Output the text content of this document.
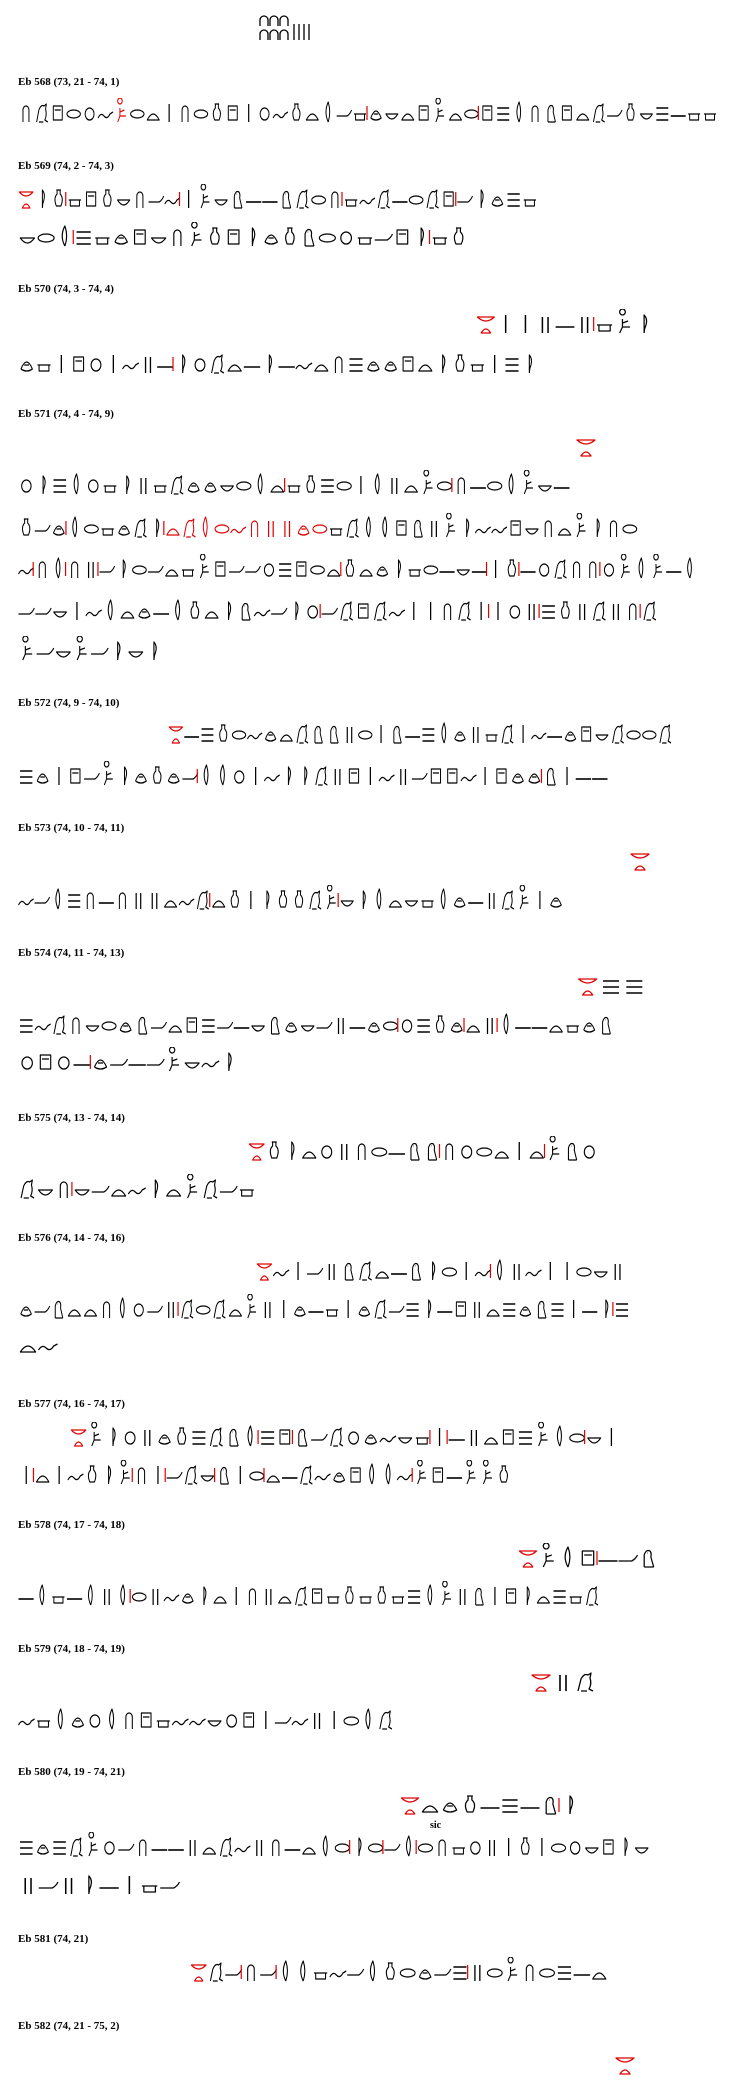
Eb 568 (73, 21 - 74, 1)
Eb 569 (74, 2 - 74, 3)
Eb 570 (74, 3 - 74, 4)
Eb 571 (74, 4 - 74, 9)
Eb 572 (74, 9 - 74, 10)
Eb 573 (74, 10 - 74, 11)
Eb 574 (74, 11 - 74, 13)
Eb 575 (74, 13 - 74, 14)
Eb 576 (74, 14 - 74, 16)
Eb 577 (74, 16 - 74, 17)
Eb 578 (74, 17 - 74, 18)
Eb 579 (74, 18 - 74, 19)
Eb 580 (74, 19 - 74, 21)
sic
Eb 581 (74, 21)
Eb 582 (74, 21 - 75, 2)
